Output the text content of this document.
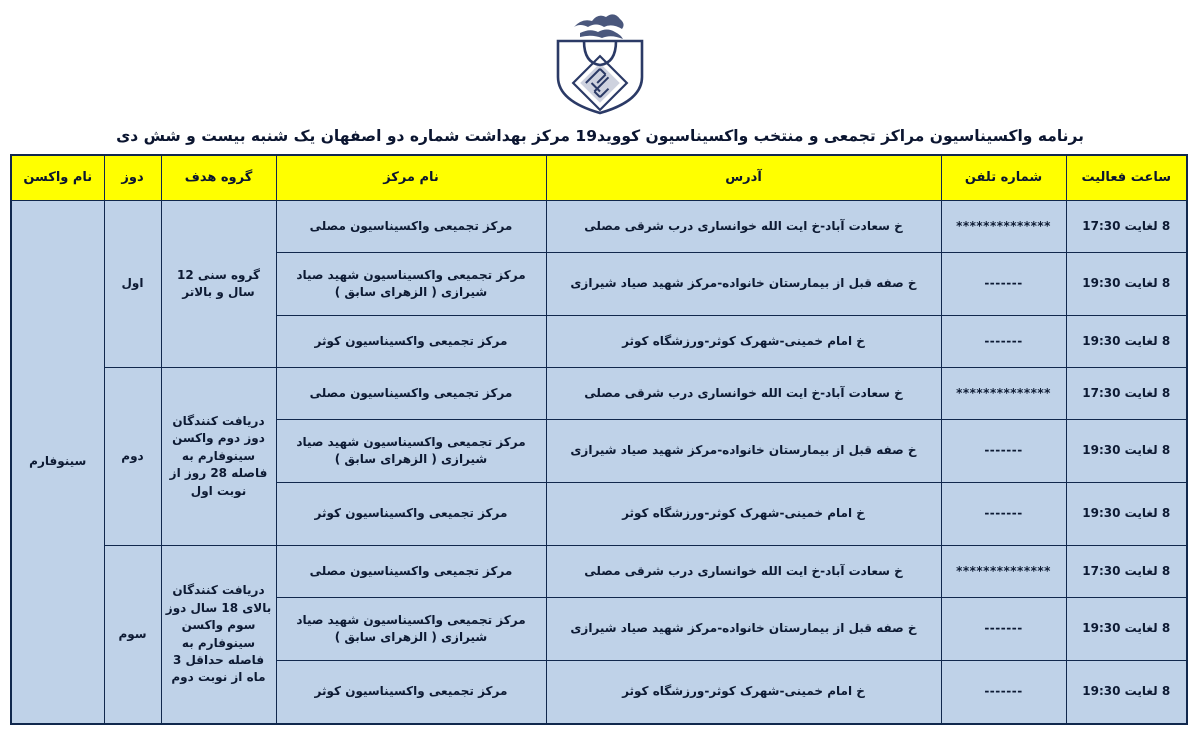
برنامه واکسیناسیون مراکز تجمعی و منتخب واکسیناسیون کووید19 مرکز بهداشت شماره دو اصفهان یک شنبه بیست و شش دی
ساعت فعالیت	شماره تلفن	آدرس	نام مرکز	گروه هدف	دوز	نام واکسن
8 لغایت 17:30	**************	خ سعادت آباد-خ ایت الله خوانساری درب شرقی مصلی	مرکز تجمیعی واکسیناسیون مصلی	گروه سنی 12 سال و بالاتر	اول	سینوفارم
8 لغایت 19:30	-------	خ صفه قبل از بیمارستان خانواده-مرکز شهید صیاد شیرازی	مرکز تجمیعی واکسیناسیون شهید صیاد شیرازی ( الزهرای سابق )			
8 لغایت 19:30	-------	خ امام خمینی-شهرک کوثر-ورزشگاه کوثر	مرکز تجمیعی واکسیناسیون کوثر			
8 لغایت 17:30	**************	خ سعادت آباد-خ ایت الله خوانساری درب شرقی مصلی	مرکز تجمیعی واکسیناسیون مصلی	دریافت کنندگان دوز دوم واکسن سینوفارم به فاصله 28 روز از نوبت اول	دوم	
8 لغایت 19:30	-------	خ صفه قبل از بیمارستان خانواده-مرکز شهید صیاد شیرازی	مرکز تجمیعی واکسیناسیون شهید صیاد شیرازی ( الزهرای سابق )			
8 لغایت 19:30	-------	خ امام خمینی-شهرک کوثر-ورزشگاه کوثر	مرکز تجمیعی واکسیناسیون کوثر			
8 لغایت 17:30	**************	خ سعادت آباد-خ ایت الله خوانساری درب شرقی مصلی	مرکز تجمیعی واکسیناسیون مصلی	دریافت کنندگان بالای 18 سال دوز سوم واکسن سینوفارم به فاصله حداقل 3 ماه از نوبت دوم	سوم	
8 لغایت 19:30	-------	خ صفه قبل از بیمارستان خانواده-مرکز شهید صیاد شیرازی	مرکز تجمیعی واکسیناسیون شهید صیاد شیرازی ( الزهرای سابق )			
8 لغایت 19:30	-------	خ امام خمینی-شهرک کوثر-ورزشگاه کوثر	مرکز تجمیعی واکسیناسیون کوثر			
